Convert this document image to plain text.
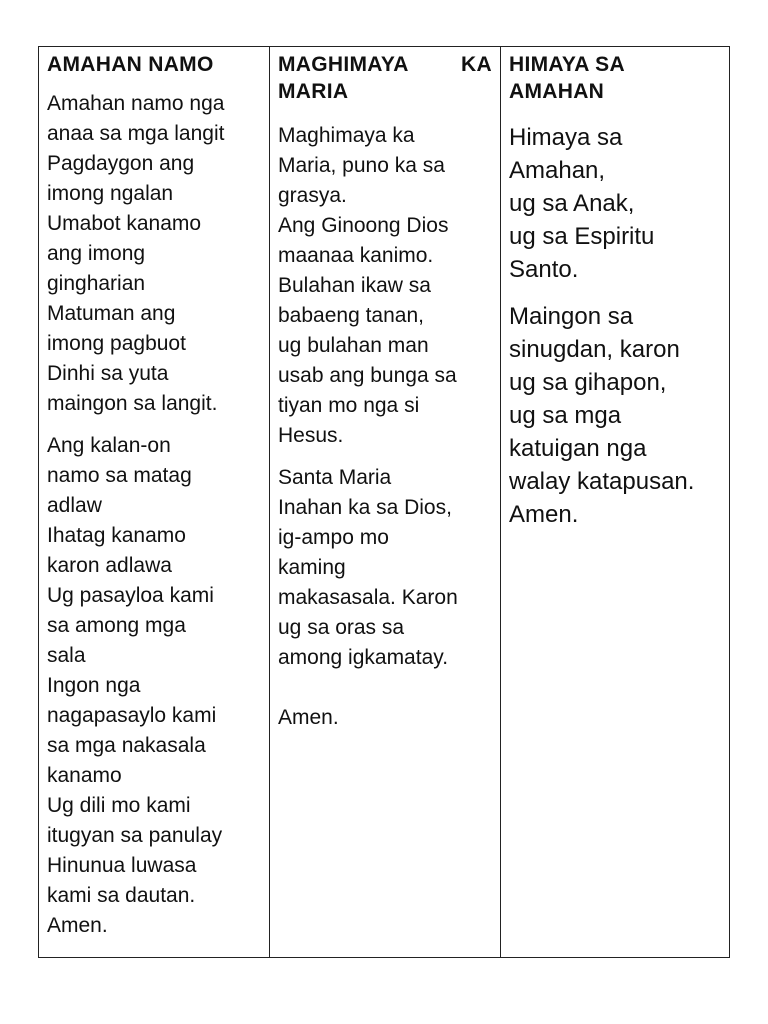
AMAHAN NAMO

Amahan namo nga
anaa sa mga langit
Pagdaygon ang
imong ngalan
Umabot kanamo
ang imong
gingharian
Matuman ang
imong pagbuot
Dinhi sa yuta
maingon sa langit.

Ang kalan-on
namo sa matag
adlaw
Ihatag kanamo
karon adlawa
Ug pasayloa kami
sa among mga
sala
Ingon nga
nagapasaylo kami
sa mga nakasala
kanamo
Ug dili mo kami
itugyan sa panulay
Hinunua luwasa
kami sa dautan.
Amen.

MAGHIMAYA KA
MARIA

Maghimaya ka
Maria, puno ka sa
grasya.
Ang Ginoong Dios
maanaa kanimo.
Bulahan ikaw sa
babaeng tanan,
ug bulahan man
usab ang bunga sa
tiyan mo nga si
Hesus.

Santa Maria
Inahan ka sa Dios,
ig-ampo mo
kaming
makasasala. Karon
ug sa oras sa
among igkamatay.

Amen.

HIMAYA SA
AMAHAN

Himaya sa
Amahan,
ug sa Anak,
ug sa Espiritu
Santo.

Maingon sa
sinugdan, karon
ug sa gihapon,
ug sa mga
katuigan nga
walay katapusan.
Amen.
